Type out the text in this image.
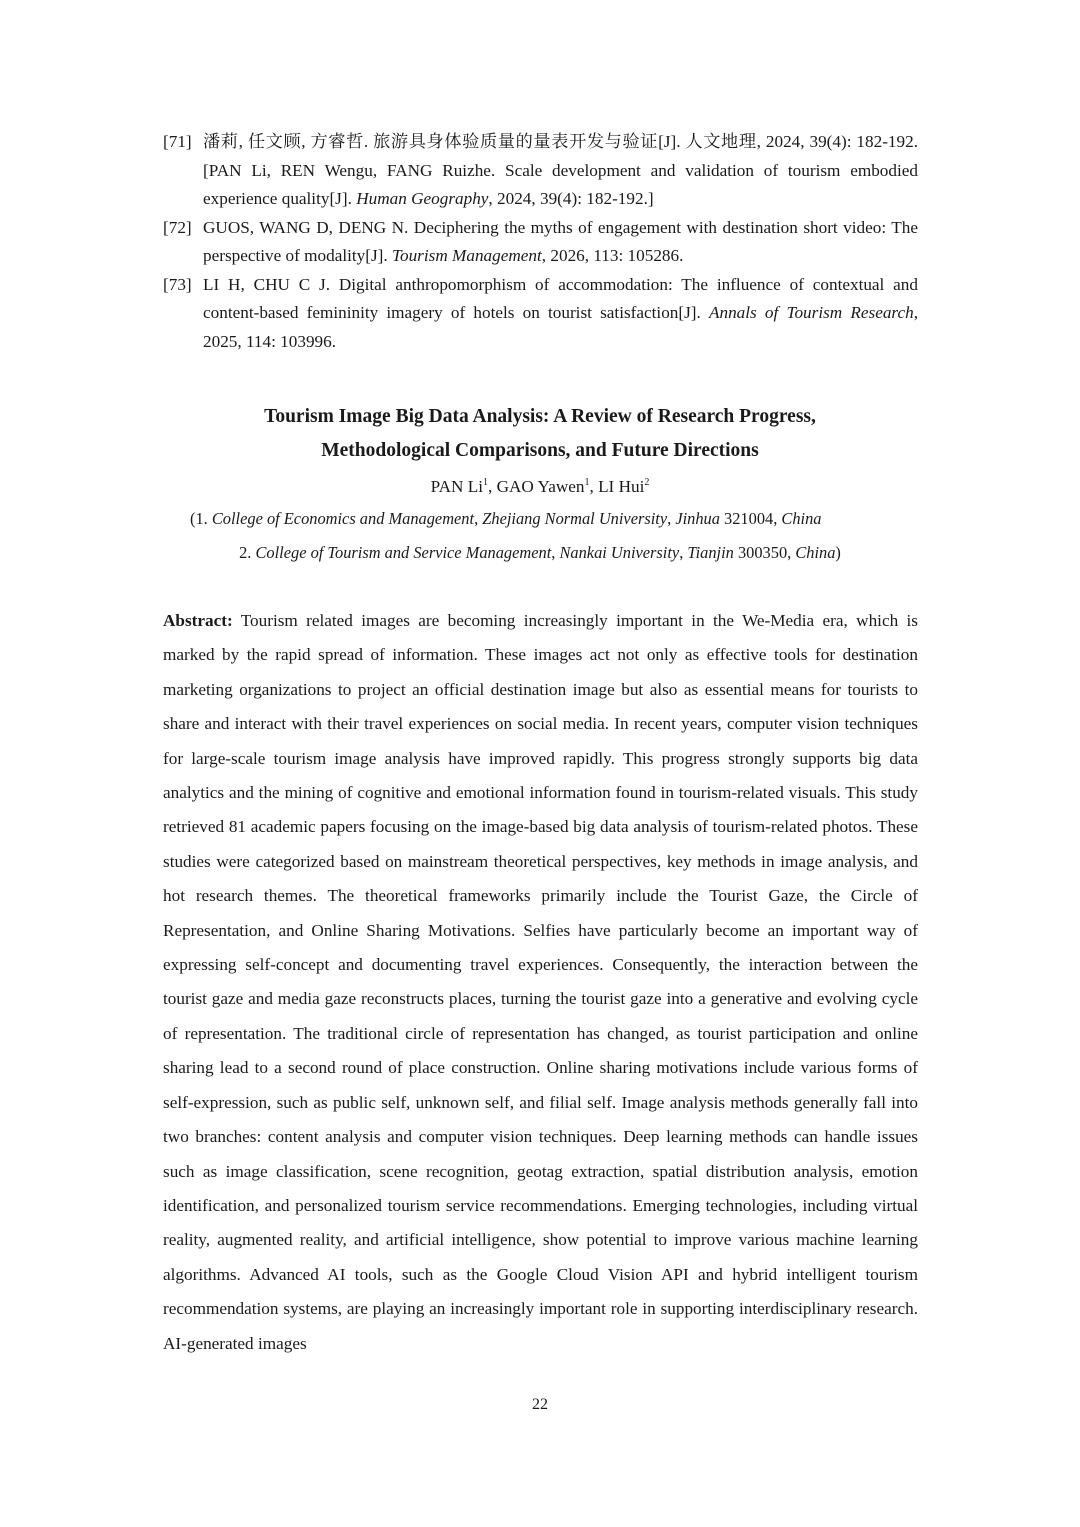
[71] 潘莉, 任文顾, 方睿哲. 旅游具身体验质量的量表开发与验证[J]. 人文地理, 2024, 39(4): 182-192. [PAN Li, REN Wengu, FANG Ruizhe. Scale development and validation of tourism embodied experience quality[J]. Human Geography, 2024, 39(4): 182-192.]
[72] GUOS, WANG D, DENG N. Deciphering the myths of engagement with destination short video: The perspective of modality[J]. Tourism Management, 2026, 113: 105286.
[73] LI H, CHU C J. Digital anthropomorphism of accommodation: The influence of contextual and content-based femininity imagery of hotels on tourist satisfaction[J]. Annals of Tourism Research, 2025, 114: 103996.
Tourism Image Big Data Analysis: A Review of Research Progress,
Methodological Comparisons, and Future Directions
PAN Li$^1$, GAO Yawen$^1$, LI Hui$^2$
(1. College of Economics and Management, Zhejiang Normal University, Jinhua 321004, China
2. College of Tourism and Service Management, Nankai University, Tianjin 300350, China)
Abstract: Tourism related images are becoming increasingly important in the We-Media era, which is marked by the rapid spread of information. These images act not only as effective tools for destination marketing organizations to project an official destination image but also as essential means for tourists to share and interact with their travel experiences on social media. In recent years, computer vision techniques for large-scale tourism image analysis have improved rapidly. This progress strongly supports big data analytics and the mining of cognitive and emotional information found in tourism-related visuals. This study retrieved 81 academic papers focusing on the image-based big data analysis of tourism-related photos. These studies were categorized based on mainstream theoretical perspectives, key methods in image analysis, and hot research themes. The theoretical frameworks primarily include the Tourist Gaze, the Circle of Representation, and Online Sharing Motivations. Selfies have particularly become an important way of expressing self-concept and documenting travel experiences. Consequently, the interaction between the tourist gaze and media gaze reconstructs places, turning the tourist gaze into a generative and evolving cycle of representation. The traditional circle of representation has changed, as tourist participation and online sharing lead to a second round of place construction. Online sharing motivations include various forms of self-expression, such as public self, unknown self, and filial self. Image analysis methods generally fall into two branches: content analysis and computer vision techniques. Deep learning methods can handle issues such as image classification, scene recognition, geotag extraction, spatial distribution analysis, emotion identification, and personalized tourism service recommendations. Emerging technologies, including virtual reality, augmented reality, and artificial intelligence, show potential to improve various machine learning algorithms. Advanced AI tools, such as the Google Cloud Vision API and hybrid intelligent tourism recommendation systems, are playing an increasingly important role in supporting interdisciplinary research. AI-generated images
22
